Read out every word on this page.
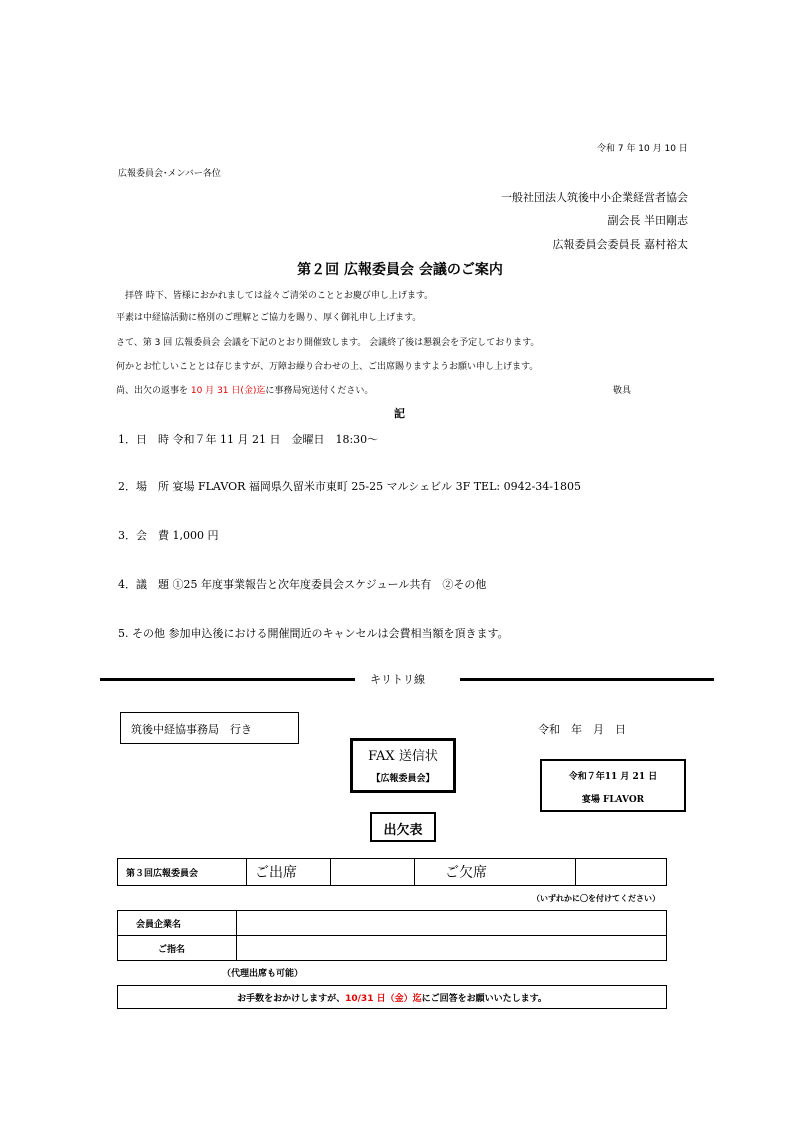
令和 7 年 10 月 10 日
広報委員会･メンバー各位
一般社団法人筑後中小企業経営者協会
副会長 半田剛志
広報委員会委員長 嘉村裕太
第２回 広報委員会 会議のご案内
拝啓 時下、皆様におかれましては益々ご清栄のこととお慶び申し上げます。
平素は中経協活動に格別のご理解とご協力を賜り、厚く御礼申し上げます。
さて、第 3 回 広報委員会 会議を下記のとおり開催致します。 会議終了後は懇親会を予定しております。
何かとお忙しいこととは存じますが、万障お繰り合わせの上、ご出席賜りますようお願い申し上げます。
尚、出欠の返事を 10 月 31 日(金)迄に事務局宛送付ください。	敬具
記
1．日　時 令和７年 11 月 21 日　金曜日　18:30～
2．場　所 宴場 FLAVOR 福岡県久留米市東町 25-25 マルシェビル 3F TEL: 0942-34-1805
3．会　費 1,000 円
4．議　題 ①25 年度事業報告と次年度委員会スケジュール共有　②その他
5. その他 参加申込後における開催間近のキャンセルは会費相当額を頂きます。
キリトリ線
筑後中経協事務局　行き	令和　年　月　日
FAX 送信状
【広報委員会】	令和７年11 月 21 日
宴場 FLAVOR
出欠表
第３回広報委員会	ご出席		ご欠席	
（いずれかに〇を付けてください）
会員企業名	
ご指名	
（代理出席も可能）
お手数をおかけしますが、10/31 日（金）迄にご回答をお願いいたします。
